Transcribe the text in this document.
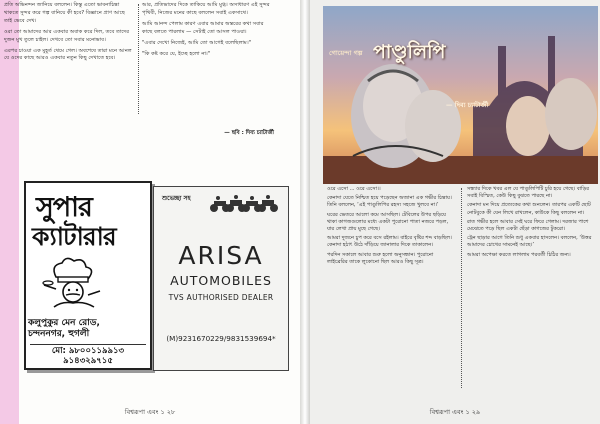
প্রতি অভিনন্দন জানিয়ে বললেন। কিন্তু এতো ভাবনাচিন্তা থাকতে সুন্দর করে গল্প বানিয়ে কী হবে? বিজ্ঞানে প্রাণ আছে তাই ভেবে দেখ।

ওরা তো আমাদের আর একবার অবাক করে দিল, তবে তাদের দুজন মুখ তুলে চাইল। দেখবে তো সবার মনোভাব।

এরপর চাওয়া এক মুহূর্ত থেমে গেল। অবশেষে তারা মনে আনল যে ওদের কাছে আরও একবার নতুন কিছু দেখাতে হবে।

আর, প্রতিভাদের দিকে তাকিয়ে আমি মুগ্ধ। অসাধারণ এই সুন্দর পৃথিবী, নিজের মনের কাছে বললেন সবাই একসাথে।

আমি আনন্দ পেলাম কারণ এবার আমার অন্তরের কথা সবার কাছে বলতে পারলাম — সেটাই তো আসল পাওয়া।

"এবার দেখো নিজেই, আমি তো আগেই বলেছিলাম।"

"কি কষ্ট করে যে, ইচ্ছে হলো না।"

— ছবি : দিব্য চ্যাটার্জী
সুপার
ক্যাটারার
কলুপুকুর মেন রোড,
চন্দননগর, হুগলী
মো: ৯৮০০১১৯৯১৩
৯১৪৩২৯৭১৫
শুভেচ্ছা সহ
ARISA
AUTOMOBILES
TVS AUTHORISED DEALER
(M)9231670229/9831539694*
বিশ্বরূপা এবং ১ ২৮
গোয়েন্দা গল্প পাণ্ডুলিপি
— দিব্য চ্যাটার্জী

ওরে এসো ... ওরে এসো।।

কেনাদা যেতে নিশ্চিত হয়ে পড়েছেন অজানা এক গভীর চিন্তায়। তিনি বললেন, ‘এই পাণ্ডুলিপির রহস্য সহজে খুলবে না।’

ঘরের ভেতরে আলো কমে আসছিল। টেবিলের উপর ছড়িয়ে থাকা কাগজগুলোর মধ্যে একটা পুরোনো পাতা নজরে পড়ল, যার লেখা প্রায় মুছে গেছে।

আমরা দুজনে চুপ করে বসে রইলাম। বাইরে বৃষ্টির শব্দ বাড়ছিল। কেনাদা হঠাৎ উঠে দাঁড়িয়ে জানালার দিকে তাকালেন।

পরদিন সকালে আবার শুরু হলো অনুসন্ধান। পুরোনো লাইব্রেরির তাকে লুকোনো ছিল আরও কিছু সূত্র।

সন্ধ্যার দিকে খবর এল যে পাণ্ডুলিপিটি চুরি হয়ে গেছে। বাড়ির সবাই বিস্মিত, কেউ কিছু বুঝতে পারছে না।

কেনাদা মন দিয়ে প্রত্যেকের কথা শুনলেন। তারপর একটি ছোট নোটবুকে কী যেন লিখে রাখলেন, কাউকে কিছু বললেন না।

রাত গভীর হলে আবার সেই ঘরে ফিরে গেলাম। দরজার পাশে মেঝেতে পড়ে ছিল একটা ছেঁড়া কাগজের টুকরো।

ট্রেন ছাড়ার আগে তিনি শুধু একবার হাসলেন। বললেন, ‘উত্তর আমাদের চোখের সামনেই আছে।’

আমরা অপেক্ষা করতে লাগলাম পরবর্তী চিঠির জন্য।

বিশ্বরূপা এবং ১ ২৯
